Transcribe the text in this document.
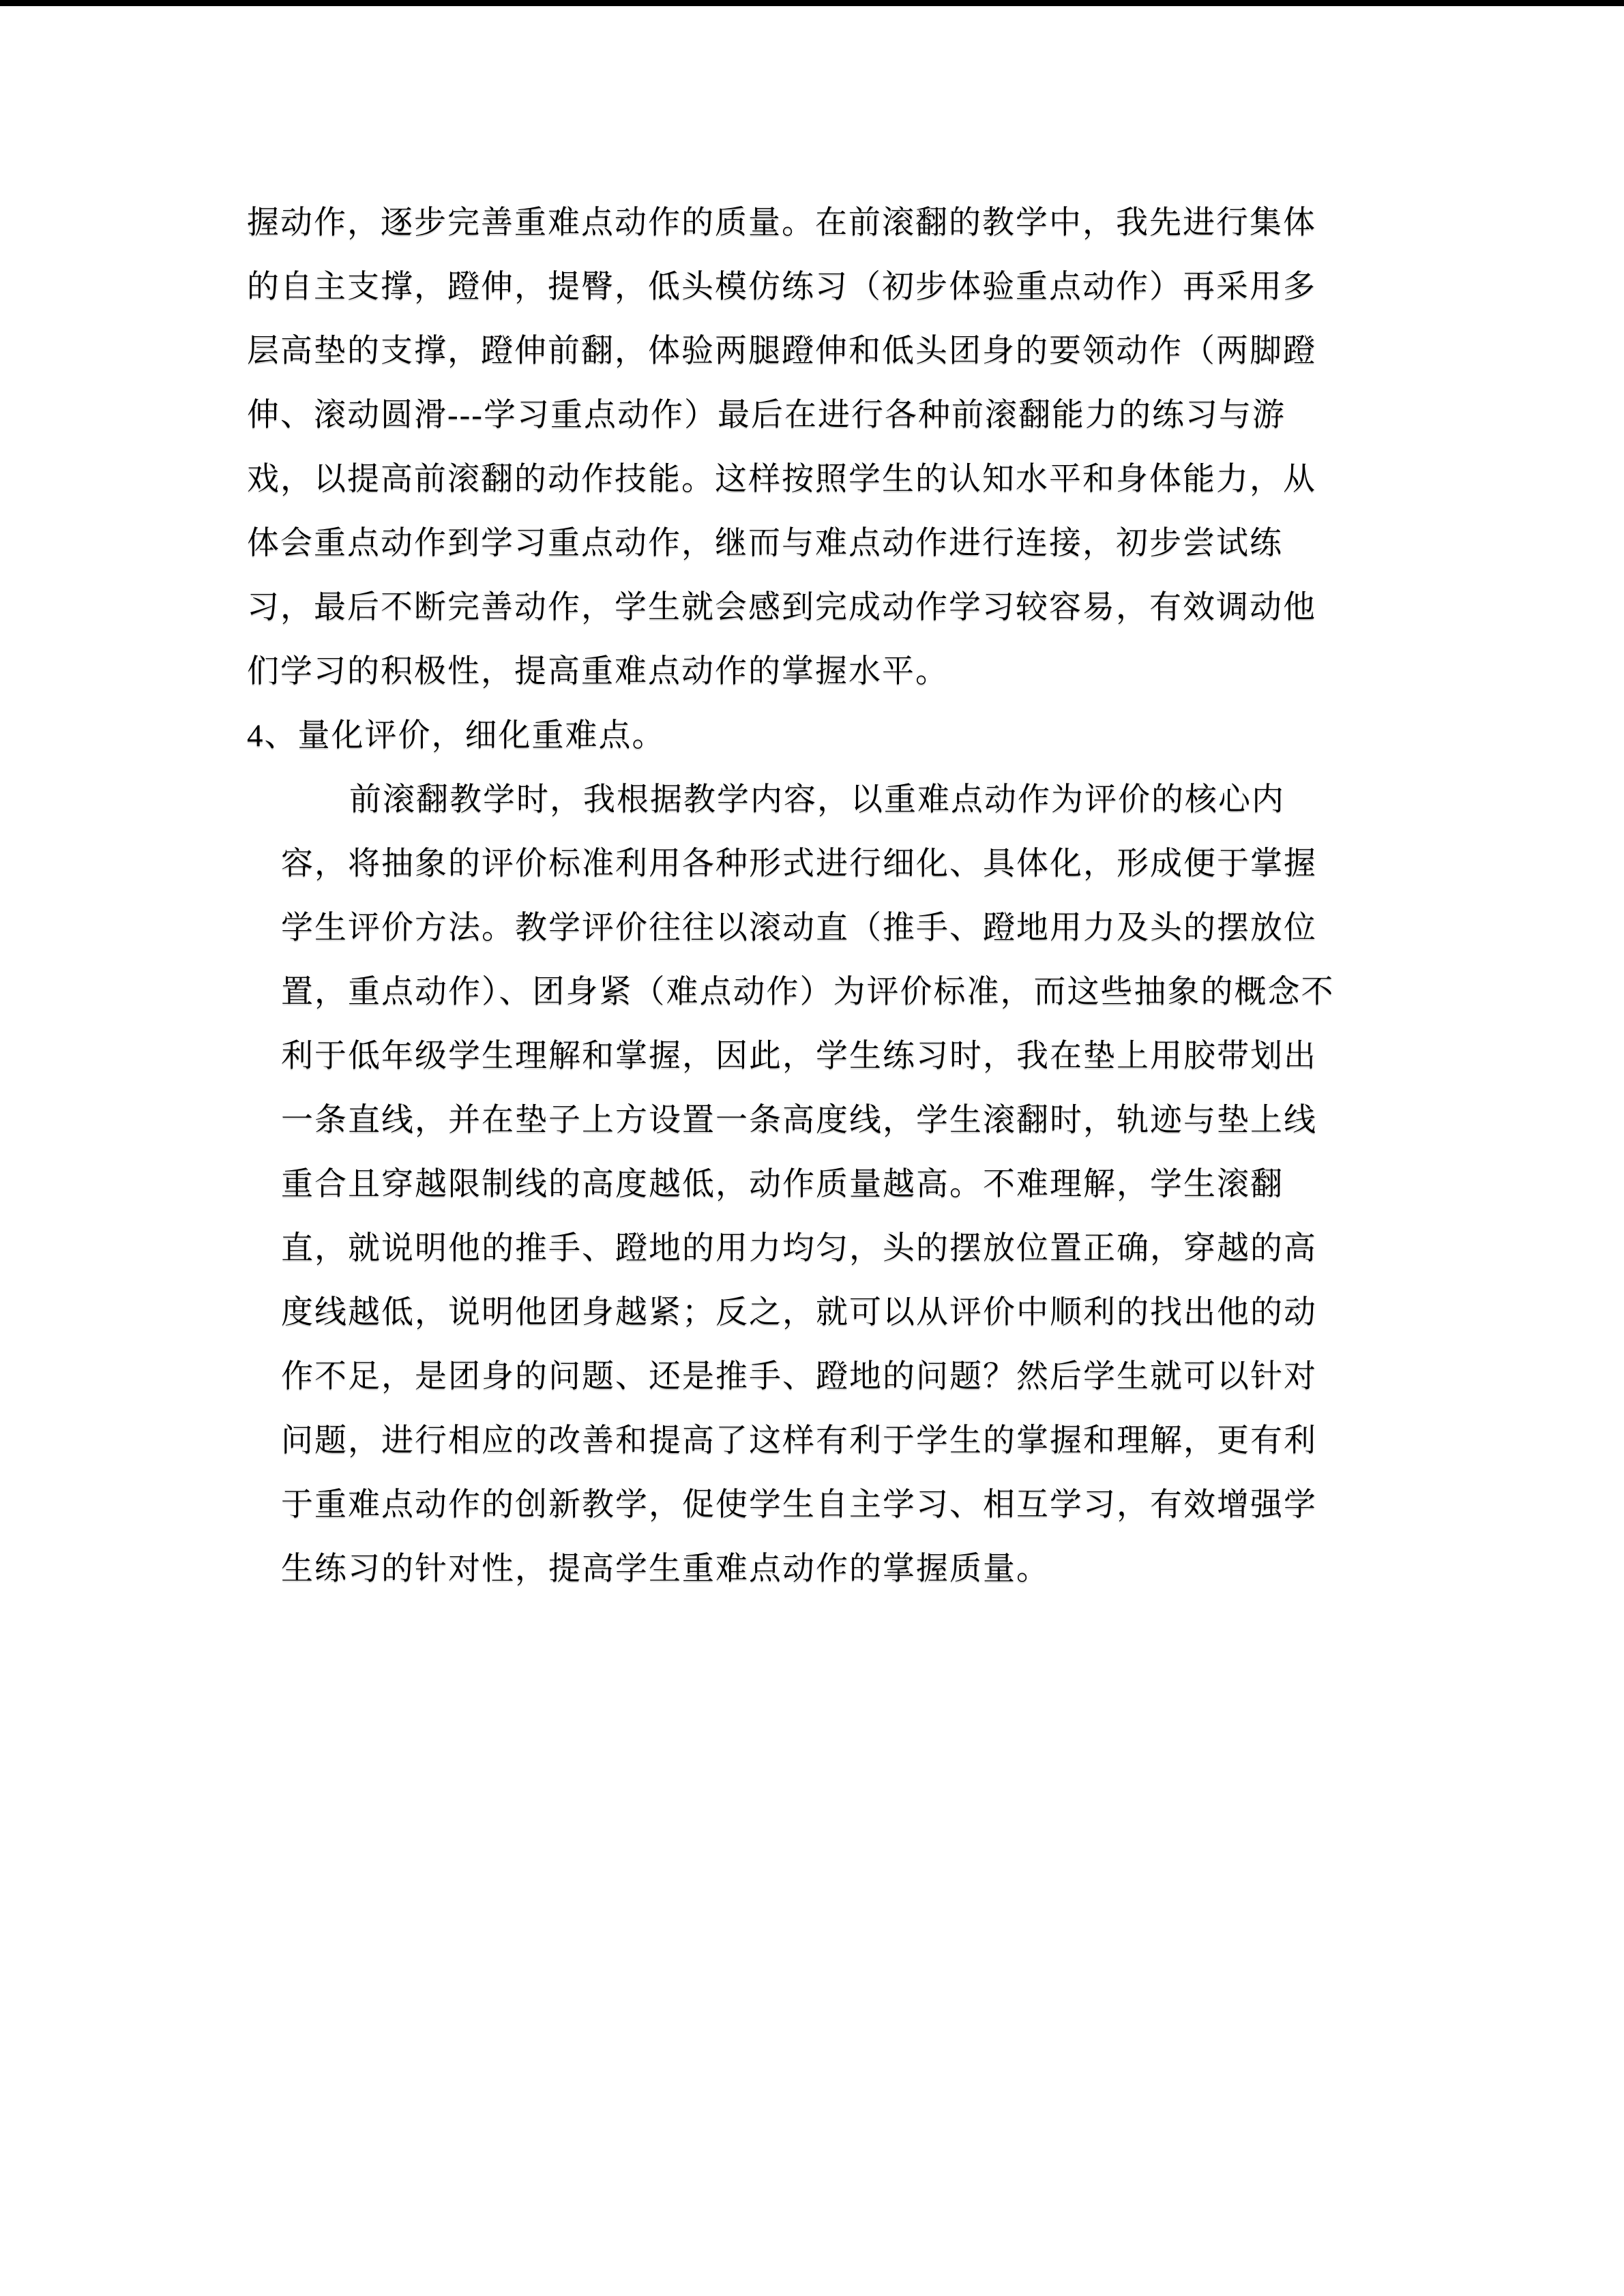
握动作，逐步完善重难点动作的质量。在前滚翻的教学中，我先进行集体
的自主支撑，蹬伸，提臀，低头模仿练习（初步体验重点动作）再采用多
层高垫的支撑，蹬伸前翻，体验两腿蹬伸和低头团身的要领动作（两脚蹬
伸、滚动圆滑---学习重点动作）最后在进行各种前滚翻能力的练习与游
戏，以提高前滚翻的动作技能。这样按照学生的认知水平和身体能力，从
体会重点动作到学习重点动作，继而与难点动作进行连接，初步尝试练
习，最后不断完善动作，学生就会感到完成动作学习较容易，有效调动他
们学习的积极性，提高重难点动作的掌握水平。
4、量化评价，细化重难点。
前滚翻教学时，我根据教学内容，以重难点动作为评价的核心内
容，将抽象的评价标准利用各种形式进行细化、具体化，形成便于掌握
学生评价方法。教学评价往往以滚动直（推手、蹬地用力及头的摆放位
置，重点动作）、团身紧（难点动作）为评价标准，而这些抽象的概念不
利于低年级学生理解和掌握，因此，学生练习时，我在垫上用胶带划出
一条直线，并在垫子上方设置一条高度线，学生滚翻时，轨迹与垫上线
重合且穿越限制线的高度越低，动作质量越高。不难理解，学生滚翻
直，就说明他的推手、蹬地的用力均匀，头的摆放位置正确，穿越的高
度线越低，说明他团身越紧；反之，就可以从评价中顺利的找出他的动
作不足，是团身的问题、还是推手、蹬地的问题？然后学生就可以针对
问题，进行相应的改善和提高了这样有利于学生的掌握和理解，更有利
于重难点动作的创新教学，促使学生自主学习、相互学习，有效增强学
生练习的针对性，提高学生重难点动作的掌握质量。
